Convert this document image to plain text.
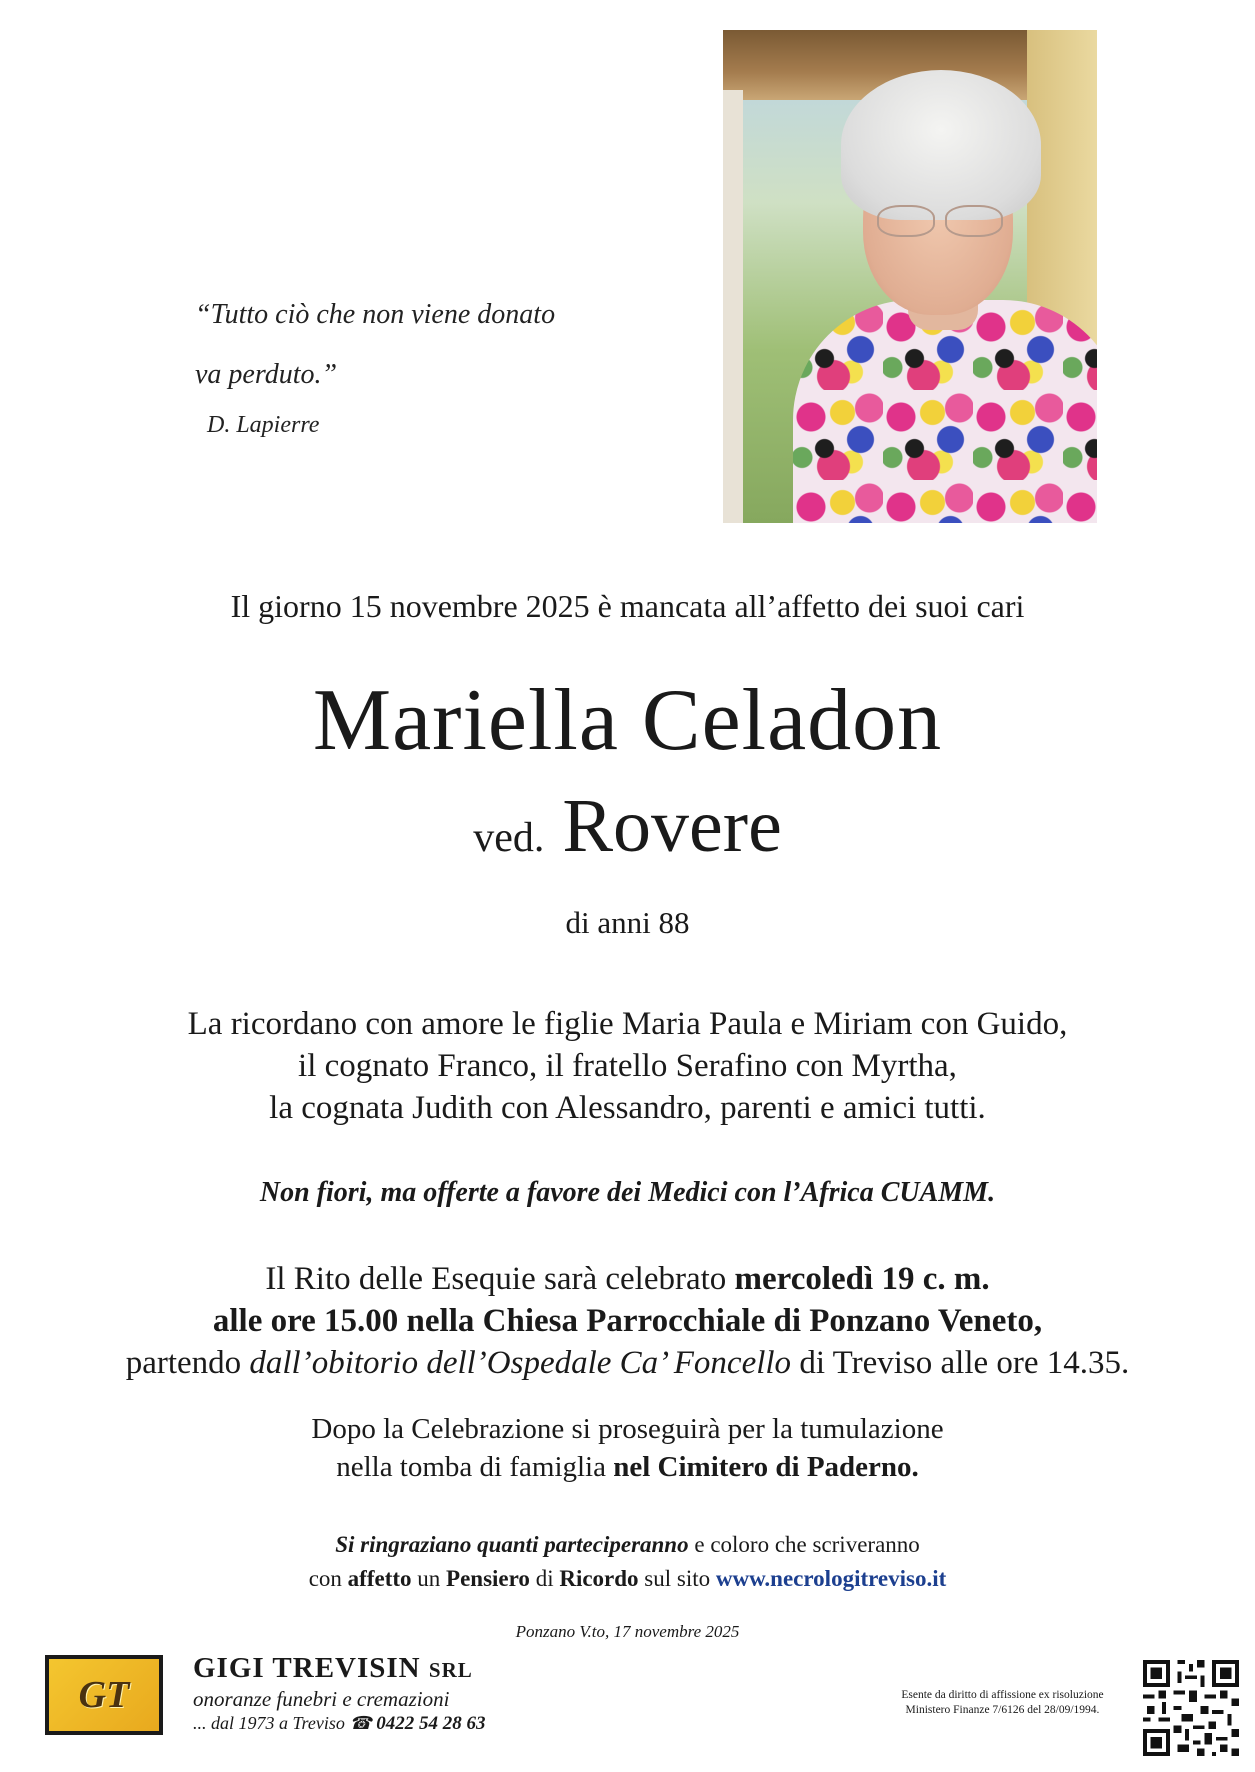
“Tutto ciò che non viene donato
va perduto.”
D. Lapierre
Il giorno 15 novembre 2025 è mancata all’affetto dei suoi cari
Mariella Celadon
ved. Rovere
di anni 88
La ricordano con amore le figlie Maria Paula e Miriam con Guido,
il cognato Franco, il fratello Serafino con Myrtha,
la cognata Judith con Alessandro, parenti e amici tutti.
Non fiori, ma offerte a favore dei Medici con l’Africa CUAMM.
Il Rito delle Esequie sarà celebrato mercoledì 19 c. m.
alle ore 15.00 nella Chiesa Parrocchiale di Ponzano Veneto,
partendo dall’obitorio dell’Ospedale Ca’ Foncello di Treviso alle ore 14.35.
Dopo la Celebrazione si proseguirà per la tumulazione
nella tomba di famiglia nel Cimitero di Paderno.
Si ringraziano quanti parteciperanno e coloro che scriveranno
con affetto un Pensiero di Ricordo sul sito www.necrologitreviso.it
Ponzano V.to, 17 novembre 2025
GT
GIGI TREVISIN SRL
onoranze funebri e cremazioni
... dal 1973 a Treviso ☎ 0422 54 28 63
Esente da diritto di affissione ex risoluzione
Ministero Finanze 7/6126 del 28/09/1994.
